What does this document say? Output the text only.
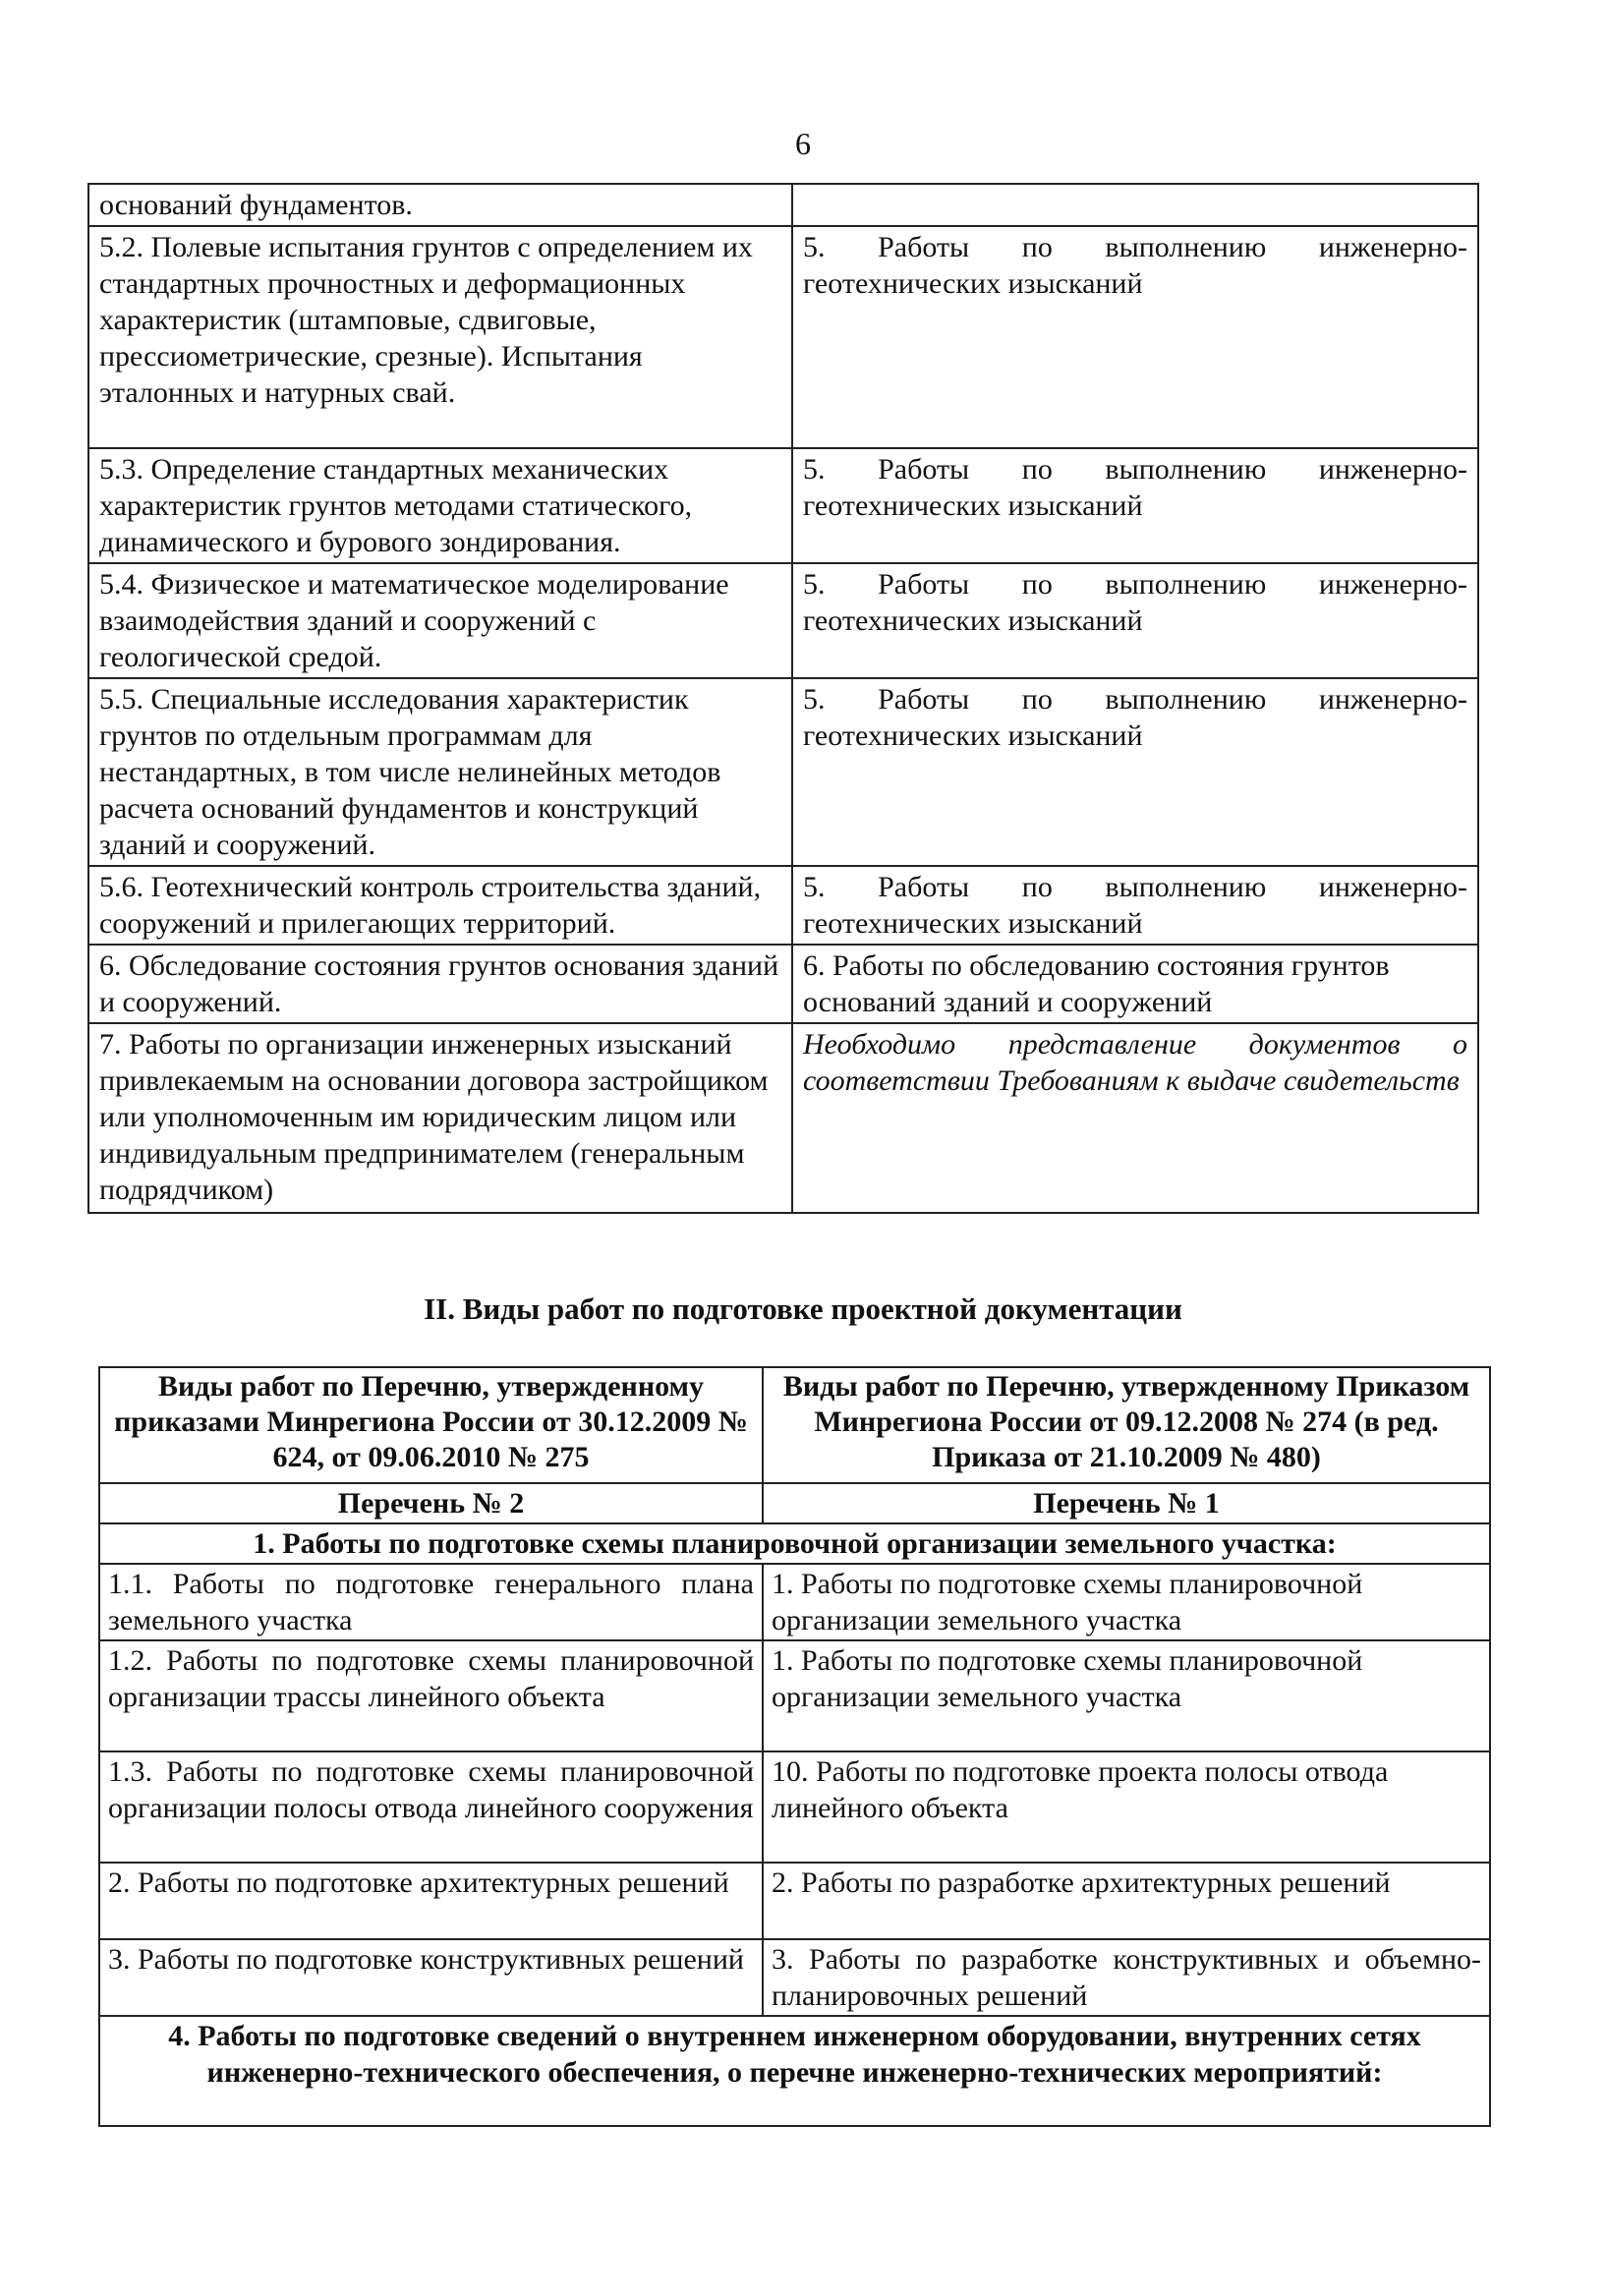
6
оснований фундаментов.	
5.2. Полевые испытания грунтов с определением их стандартных прочностных и деформационных характеристик (штамповые, сдвиговые, прессиометрические, срезные). Испытания эталонных и натурных свай.	5. Работы по выполнению инженерно-
геотехнических изысканий

5.3. Определение стандартных механических характеристик грунтов методами статического, динамического и бурового зондирования.	5. Работы по выполнению инженерно-
геотехнических изысканий

5.4. Физическое и математическое моделирование взаимодействия зданий и сооружений с геологической средой.	5. Работы по выполнению инженерно-
геотехнических изысканий

5.5. Специальные исследования характеристик грунтов по отдельным программам для нестандартных, в том числе нелинейных методов расчета оснований фундаментов и конструкций зданий и сооружений.	5. Работы по выполнению инженерно-
геотехнических изысканий

5.6. Геотехнический контроль строительства зданий, сооружений и прилегающих территорий.	5. Работы по выполнению инженерно-
геотехнических изысканий

6. Обследование состояния грунтов основания зданий и сооружений.	6. Работы по обследованию состояния грунтов оснований зданий и сооружений
7. Работы по организации инженерных изысканий привлекаемым на основании договора застройщиком или уполномоченным им юридическим лицом или индивидуальным предпринимателем (генеральным подрядчиком)	Необходимо представление документов о соответствии Требованиям к выдаче свидетельств
II. Виды работ по подготовке проектной документации
Виды работ по Перечню, утвержденному приказами Минрегиона России от 30.12.2009 № 624, от 09.06.2010 № 275	Виды работ по Перечню, утвержденному Приказом Минрегиона России от 09.12.2008 № 274 (в ред. Приказа от 21.10.2009 № 480)
Перечень № 2	Перечень № 1
1. Работы по подготовке схемы планировочной организации земельного участка:	
1.1. Работы по подготовке генерального плана земельного участка	1. Работы по подготовке схемы планировочной организации земельного участка
1.2. Работы по подготовке схемы планировочной организации трассы линейного объекта	1. Работы по подготовке схемы планировочной организации земельного участка
1.3. Работы по подготовке схемы планировочной организации полосы отвода линейного сооружения	10. Работы по подготовке проекта полосы отвода линейного объекта
2. Работы по подготовке архитектурных решений	2. Работы по разработке архитектурных решений
3. Работы по подготовке конструктивных решений	3. Работы по разработке конструктивных и объемно-планировочных решений
4. Работы по подготовке сведений о внутреннем инженерном оборудовании, внутренних сетях инженерно-технического обеспечения, о перечне инженерно-технических мероприятий:	
